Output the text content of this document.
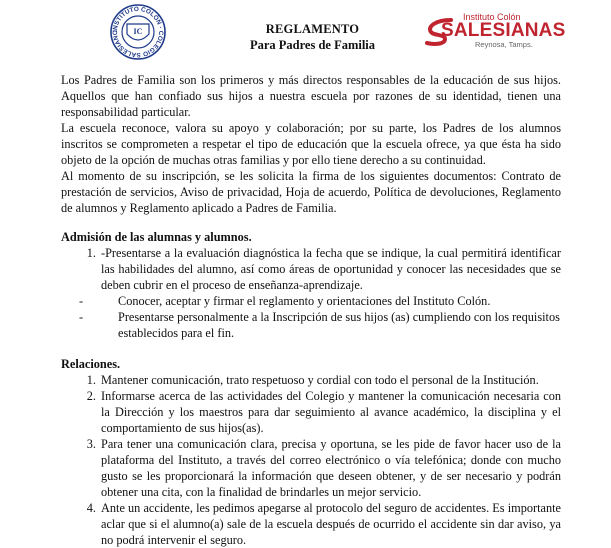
INSTITUTO COLÓN · COLEGIO SALESIANO	IC	REGLAMENTO
Para Padres de Familia
Instituto Colón
SALESIANAS
Reynosa, Tamps.

Los Padres de Familia son los primeros y más directos responsables de la educación de sus hijos. Aquellos que han confiado sus hijos a nuestra escuela por razones de su identidad, tienen una responsabilidad particular.

La escuela reconoce, valora su apoyo y colaboración; por su parte, los Padres de los alumnos inscritos se comprometen a respetar el tipo de educación que la escuela ofrece, ya que ésta ha sido objeto de la opción de muchas otras familias y por ello tiene derecho a su continuidad.

Al momento de su inscripción, se les solicita la firma de los siguientes documentos: Contrato de prestación de servicios, Aviso de privacidad, Hoja de acuerdo, Política de devoluciones, Reglamento de alumnos y Reglamento aplicado a Padres de Familia.

Admisión de las alumnas y alumnos.
1. -Presentarse a la evaluación diagnóstica la fecha que se indique, la cual permitirá identificar las habilidades del alumno, así como áreas de oportunidad y conocer las necesidades que se deben cubrir en el proceso de enseñanza-aprendizaje.
-	Conocer, aceptar y firmar el reglamento y orientaciones del Instituto Colón.
-	Presentarse personalmente a la Inscripción de sus hijos (as) cumpliendo con los requisitos establecidos para el fin.
Relaciones.
1. Mantener comunicación, trato respetuoso y cordial con todo el personal de la Institución.
2. Informarse acerca de las actividades del Colegio y mantener la comunicación necesaria con la Dirección y los maestros para dar seguimiento al avance académico, la disciplina y el comportamiento de sus hijos(as).
3. Para tener una comunicación clara, precisa y oportuna, se les pide de favor hacer uso de la plataforma del Instituto, a través del correo electrónico o vía telefónica; donde con mucho gusto se les proporcionará la información que deseen obtener, y de ser necesario y podrán obtener una cita, con la finalidad de brindarles un mejor servicio.
4. Ante un accidente, les pedimos apegarse al protocolo del seguro de accidentes. Es importante aclar que si el alumno(a) sale de la escuela después de ocurrido el accidente sin dar aviso, ya no podrá intervenir el seguro.
